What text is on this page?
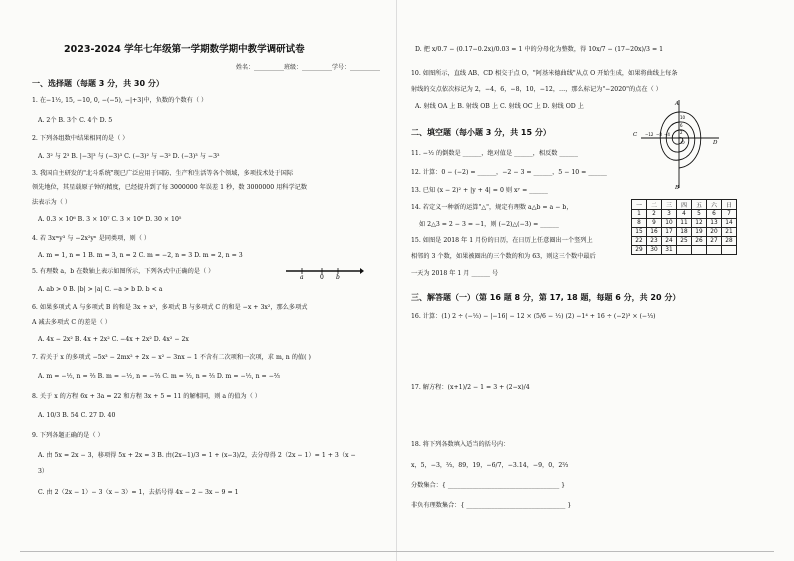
2023-2024 学年七年级第一学期数学期中教学调研试卷
姓名：__________班级：__________学号：__________
一、选择题（每题 3 分，共 30 分）
1. 在−1½, 15, −10, 0, −(−5), −|+3|中，负数的个数有（ ）
A. 2个 B. 3个 C. 4个 D. 5
2. 下列各组数中结果相同的是（ ）
A. 3² 与 2³ B. |−3|³ 与 (−3)³ C. (−3)² 与 −3² D. (−3)³ 与 −3³
3. 我国自主研发的"北斗系统"现已广泛应用于国防、生产和生活等各个领域，多项技术处于国际
领先地位，其星载原子钟的精度，已经提升到了每 3000000 年误差 1 秒，数 3000000 用科学记数
法表示为（ ）
A. 0.3 × 10⁶ B. 3 × 10⁷ C. 3 × 10⁶ D. 30 × 10⁵
4. 若 3xᵐy³ 与 −2x²yⁿ 是同类项，则（ ）
A. m = 1, n = 1 B. m = 3, n = 2 C. m = −2, n = 3 D. m = 2, n = 3
5. 有理数 a，b 在数轴上表示如图所示，下列各式中正确的是（ ）
a	0 b
A. ab > 0 B. |b| > |a| C. −a > b D. b < a
6. 如果多项式 A 与多项式 B 的和是 3x + x²，多项式 B 与多项式 C 的和是 −x + 3x²，那么多项式
A 减去多项式 C 的差是（ ）
A. 4x − 2x² B. 4x + 2x² C. −4x + 2x² D. 4x² − 2x
7. 若关于 x 的多项式 −5x³ − 2mx² + 2x − x² − 3nx − 1 不含有二次项和一次项，求 m, n 的值( )
A. m = −½, n = ⅔ B. m = −½, n = −⅔ C. m = ½, n = ⅔ D. m = −½, n = −⅔
8. 关于 x 的方程 6x + 3a = 22 和方程 3x + 5 = 11 的解相同，则 a 的值为（ ）
A. 10/3 B. 54 C. 27 D. 40
9. 下列各题正确的是（ ）
A. 由 5x = 2x − 3，移项得 5x + 2x = 3 B. 由(2x−1)/3 = 1 + (x−3)/2，去分母得 2（2x − 1）= 1 + 3（x −
3）
C. 由 2（2x − 1）− 3（x − 3）= 1，去括号得 4x − 2 − 3x − 9 = 1
D. 把 x/0.7 − (0.17−0.2x)/0.03 = 1 中的分母化为整数，得 10x/7 − (17−20x)/3 = 1
10. 如图所示，直线 AB、CD 相交于点 O，"阿基米德曲线"从点 O 开始生成，如果将曲线上每条
射线的交点依次标记为 2，−4，6，−8，10，−12，…，那么标记为"−2020"的点在（ ）
A. 射线 OA 上 B. 射线 OB 上 C. 射线 OC 上 D. 射线 OD 上	A
B
C
D
O
2
6
10
−4
−8
−12
二、填空题（每小题 3 分，共 15 分）
11. −½ 的倒数是 ______，绝对值是 ______，相反数 ______
12. 计算：0 − (−2) = ______，−2 − 3 = ______，5 − 10 = ______
13. 已知 (x − 2)² + |y + 4| = 0 则 xʸ = ______
14. 若定义一种新的运算"△"，规定有理数 a△b = a − b，
如 2△3 = 2 − 3 = −1，则 (−2)△(−3) = ______
15. 如图是 2018 年 1 月份的日历，在日历上任意圈出一个竖列上
相邻的 3 个数，如果被圈出的三个数的和为 63，则这三个数中最后
一天为 2018 年 1 月 ______ 号
一	二	三	四	五	六	日
1	2	3	4	5	6	7
8	9	10	11	12	13	14
15	16	17	18	19	20	21
22	23	24	25	26	27	28
29	30	31				
三、解答题（一）（第 16 题 8 分，第 17, 18 题，每题 6 分，共 20 分）
16. 计算：(1) 2 ÷ (−⅓) − |−16| − 12 × (5/6 − ½) (2) −1⁴ + 16 ÷ (−2)³ × (−⅓)
17. 解方程：(x+1)/2 − 1 = 3 + (2−x)/4
18. 将下列各数填入适当的括号内：
x，5，−3，⅔，89，19，−6/7，−3.14，−9，0，2⅔
分数集合：{ ____________________________________ }
非负有理数集合：{ ________________________________ }
